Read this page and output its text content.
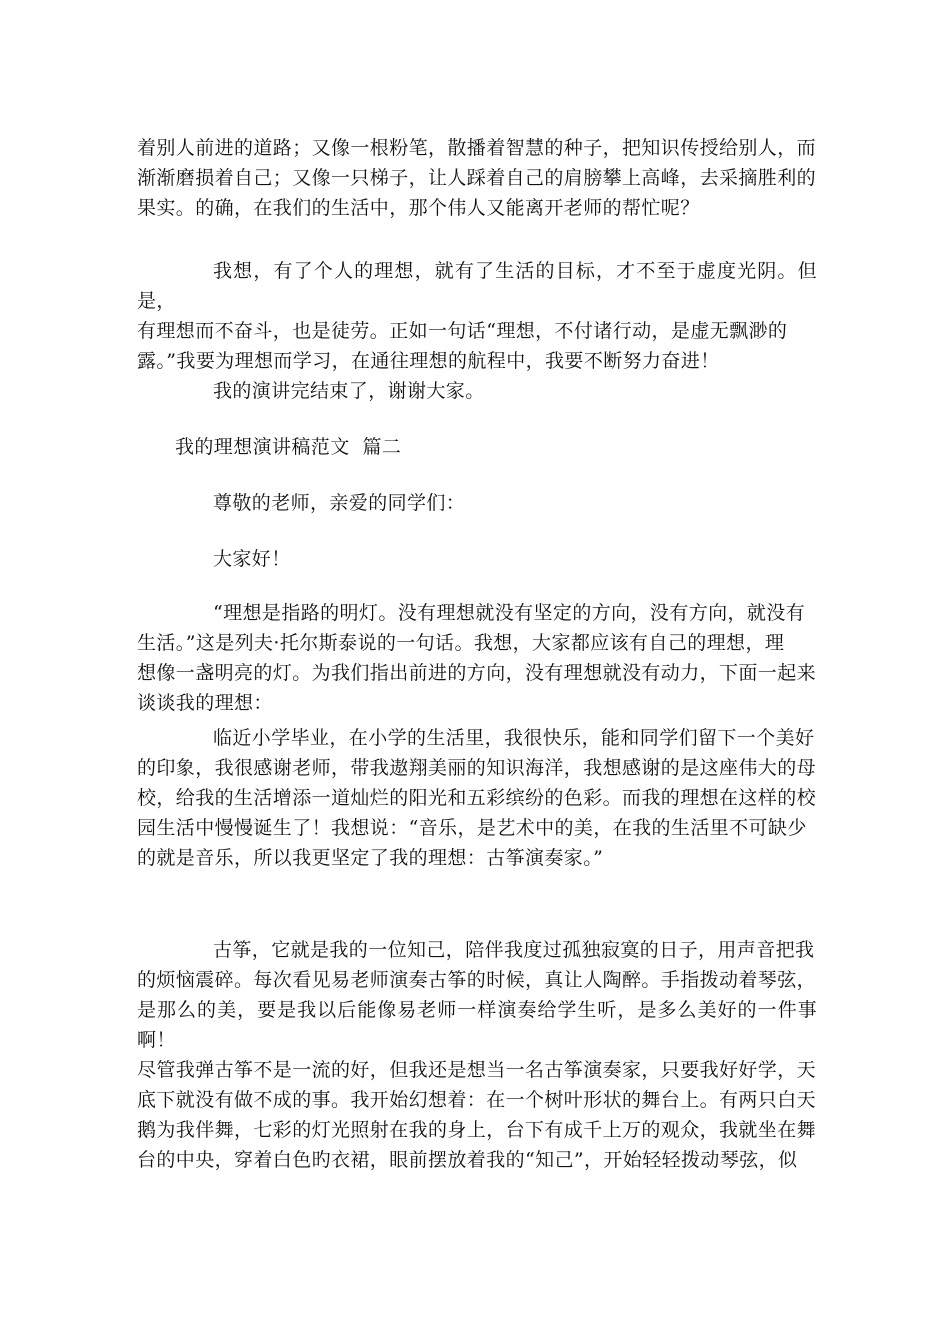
着别人前进的道路；又像一根粉笔，散播着智慧的种子，把知识传授给别人，而
渐渐磨损着自己；又像一只梯子，让人踩着自己的肩膀攀上高峰，去采摘胜利的
果实。的确，在我们的生活中，那个伟人又能离开老师的帮忙呢？
我想，有了个人的理想，就有了生活的目标，才不至于虚度光阴。但是，
有理想而不奋斗，也是徒劳。正如一句话“理想，不付诸行动，是虚无飘渺的
露。”我要为理想而学习，在通往理想的航程中，我要不断努力奋进！
我的演讲完结束了，谢谢大家。
我的理想演讲稿范文  篇二
尊敬的老师，亲爱的同学们：
大家好！
“理想是指路的明灯。没有理想就没有坚定的方向，没有方向，就没有
生活。”这是列夫·托尔斯泰说的一句话。我想，大家都应该有自己的理想，理
想像一盏明亮的灯。为我们指出前进的方向，没有理想就没有动力，下面一起来
谈谈我的理想：
临近小学毕业，在小学的生活里，我很快乐，能和同学们留下一个美好
的印象，我很感谢老师，带我遨翔美丽的知识海洋，我想感谢的是这座伟大的母
校，给我的生活增添一道灿烂的阳光和五彩缤纷的色彩。而我的理想在这样的校
园生活中慢慢诞生了！我想说：“音乐，是艺术中的美，在我的生活里不可缺少
的就是音乐，所以我更坚定了我的理想：古筝演奏家。”
古筝，它就是我的一位知己，陪伴我度过孤独寂寞的日子，用声音把我
的烦恼震碎。每次看见易老师演奏古筝的时候，真让人陶醉。手指拨动着琴弦，
是那么的美，要是我以后能像易老师一样演奏给学生听，是多么美好的一件事啊！
尽管我弹古筝不是一流的好，但我还是想当一名古筝演奏家，只要我好好学，天
底下就没有做不成的事。我开始幻想着：在一个树叶形状的舞台上。有两只白天
鹅为我伴舞，七彩的灯光照射在我的身上，台下有成千上万的观众，我就坐在舞
台的中央，穿着白色旳衣裙，眼前摆放着我的“知己”，开始轻轻拨动琴弦，似
